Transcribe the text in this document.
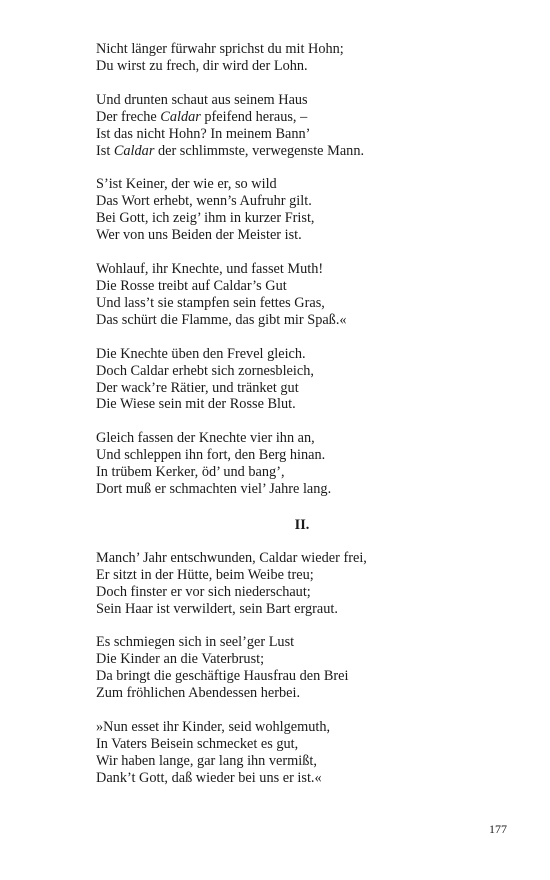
Nicht länger fürwahr sprichst du mit Hohn;
Du wirst zu frech, dir wird der Lohn.
Und drunten schaut aus seinem Haus
Der freche Caldar pfeifend heraus, –
Ist das nicht Hohn? In meinem Bann’
Ist Caldar der schlimmste, verwegenste Mann.
S’ist Keiner, der wie er, so wild
Das Wort erhebt, wenn’s Aufruhr gilt.
Bei Gott, ich zeig’ ihm in kurzer Frist,
Wer von uns Beiden der Meister ist.
Wohlauf, ihr Knechte, und fasset Muth!
Die Rosse treibt auf Caldar’s Gut
Und lass’t sie stampfen sein fettes Gras,
Das schürt die Flamme, das gibt mir Spaß.«
Die Knechte üben den Frevel gleich.
Doch Caldar erhebt sich zornesbleich,
Der wack’re Rätier, und tränket gut
Die Wiese sein mit der Rosse Blut.
Gleich fassen der Knechte vier ihn an,
Und schleppen ihn fort, den Berg hinan.
In trübem Kerker, öd’ und bang’,
Dort muß er schmachten viel’ Jahre lang.
II.
Manch’ Jahr entschwunden, Caldar wieder frei,
Er sitzt in der Hütte, beim Weibe treu;
Doch finster er vor sich niederschaut;
Sein Haar ist verwildert, sein Bart ergraut.
Es schmiegen sich in seel’ger Lust
Die Kinder an die Vaterbrust;
Da bringt die geschäftige Hausfrau den Brei
Zum fröhlichen Abendessen herbei.
»Nun esset ihr Kinder, seid wohlgemuth,
In Vaters Beisein schmecket es gut,
Wir haben lange, gar lang ihn vermißt,
Dank’t Gott, daß wieder bei uns er ist.«
177
